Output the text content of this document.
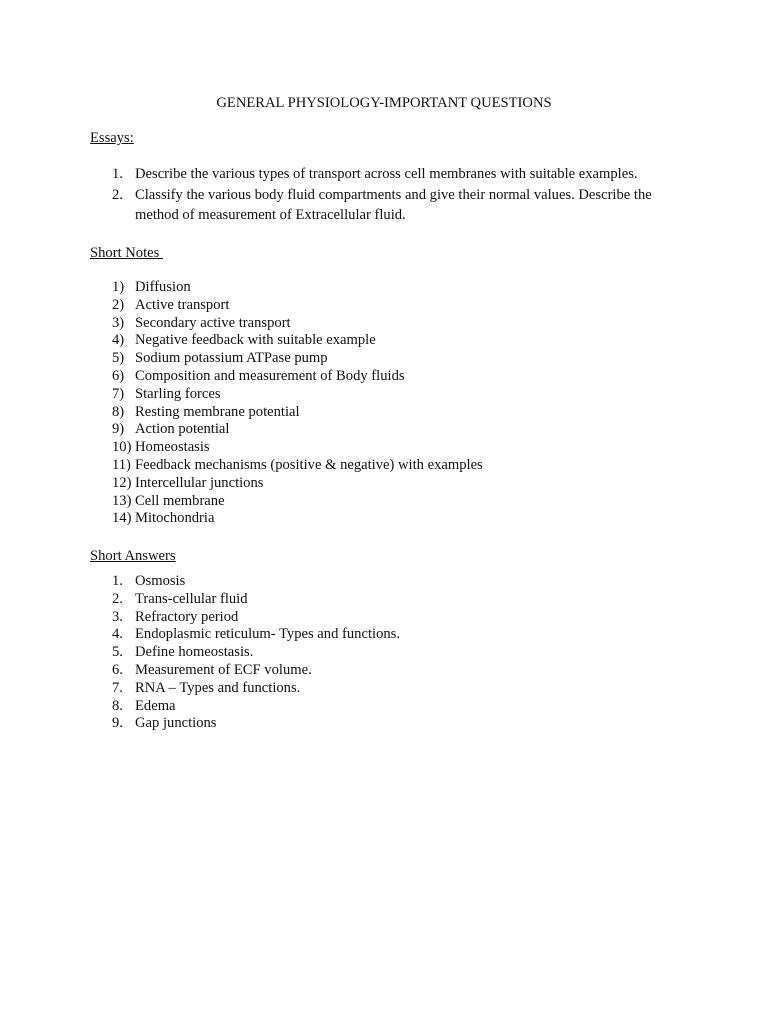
GENERAL PHYSIOLOGY-IMPORTANT QUESTIONS
Essays:
1. Describe the various types of transport across cell membranes with suitable examples.
2. Classify the various body fluid compartments and give their normal values. Describe the method of measurement of Extracellular fluid.
Short Notes
1) Diffusion
2) Active transport
3) Secondary active transport
4) Negative feedback with suitable example
5) Sodium potassium ATPase pump
6) Composition and measurement of Body fluids
7) Starling forces
8) Resting membrane potential
9) Action potential
10) Homeostasis
11) Feedback mechanisms (positive & negative) with examples
12) Intercellular junctions
13) Cell membrane
14) Mitochondria
Short Answers
1. Osmosis
2. Trans-cellular fluid
3. Refractory period
4. Endoplasmic reticulum- Types and functions.
5. Define homeostasis.
6. Measurement of ECF volume.
7. RNA – Types and functions.
8. Edema
9. Gap junctions
